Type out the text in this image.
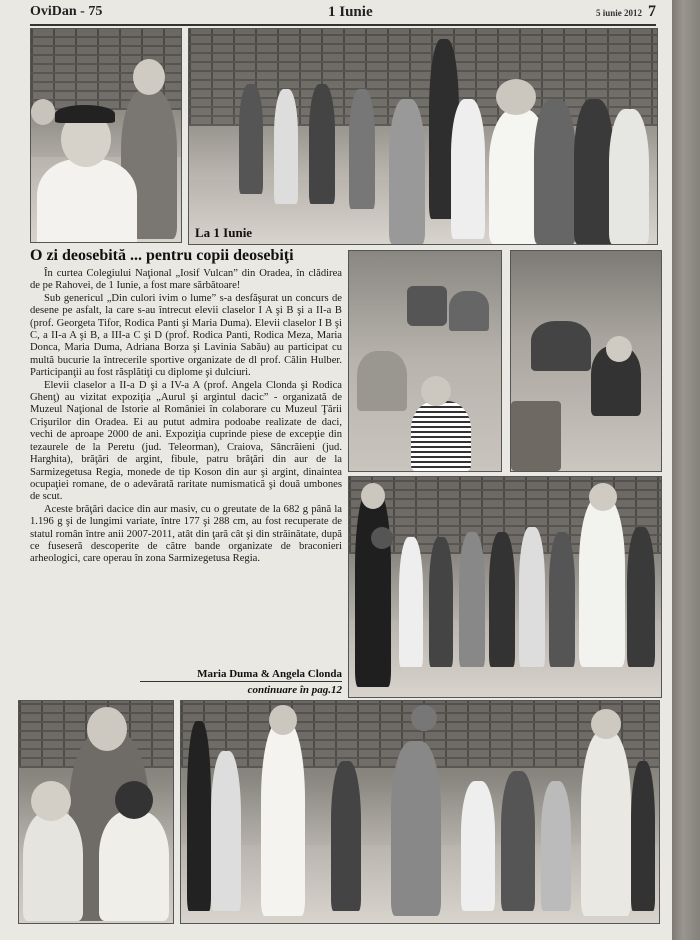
OviDan - 75	1 Iunie	5 iunie 2012 7
La 1 Iunie
O zi deosebită ... pentru copii deosebiţi

În curtea Colegiului Naţional „Iosif Vulcan” din Oradea, în clădirea de pe Rahovei, de 1 Iunie, a fost mare sărbătoare!

Sub genericul „Din culori ivim o lume” s-a desfăşurat un concurs de desene pe asfalt, la care s-au întrecut elevii claselor I A şi B şi a II-a B (prof. Georgeta Tifor, Rodica Panti şi Maria Duma). Elevii claselor I B şi C, a II-a A şi B, a III-a C şi D (prof. Rodica Panti, Rodica Meza, Maria Donca, Maria Duma, Adriana Borza şi Lavinia Sabău) au participat cu multă bucurie la întrecerile sportive organizate de dl prof. Călin Hulber. Participanţii au fost răsplătiţi cu diplome şi dulciuri.

Elevii claselor a II-a D şi a IV-a A (prof. Angela Clonda şi Rodica Ghenţ) au vizitat expoziţia „Aurul şi argintul dacic” - organizată de Muzeul Naţional de Istorie al României în colaborare cu Muzeul Ţării Crişurilor din Oradea. Ei au putut admira podoabe realizate de daci, vechi de aproape 2000 de ani. Expoziţia cuprinde piese de excepţie din tezaurele de la Peretu (jud. Teleorman), Craiova, Sâncrăieni (jud. Harghita), brăţări de argint, fibule, patru brăţări din aur de la Sarmizegetusa Regia, monede de tip Koson din aur şi argint, dinaintea ocupaţiei romane, de o adevărată raritate numismatică şi două umbones de scut.

Aceste brăţări dacice din aur masiv, cu o greutate de la 682 g până la 1.196 g şi de lungimi variate, între 177 şi 288 cm, au fost recuperate de statul român între anii 2007-2011, atât din ţară cât şi din străinătate, după ce fuseseră descoperite de către bande organizate de braconieri arheologici, care operau în zona Sarmizegetusa Regia.

Maria Duma & Angela Clonda
continuare în pag.12
